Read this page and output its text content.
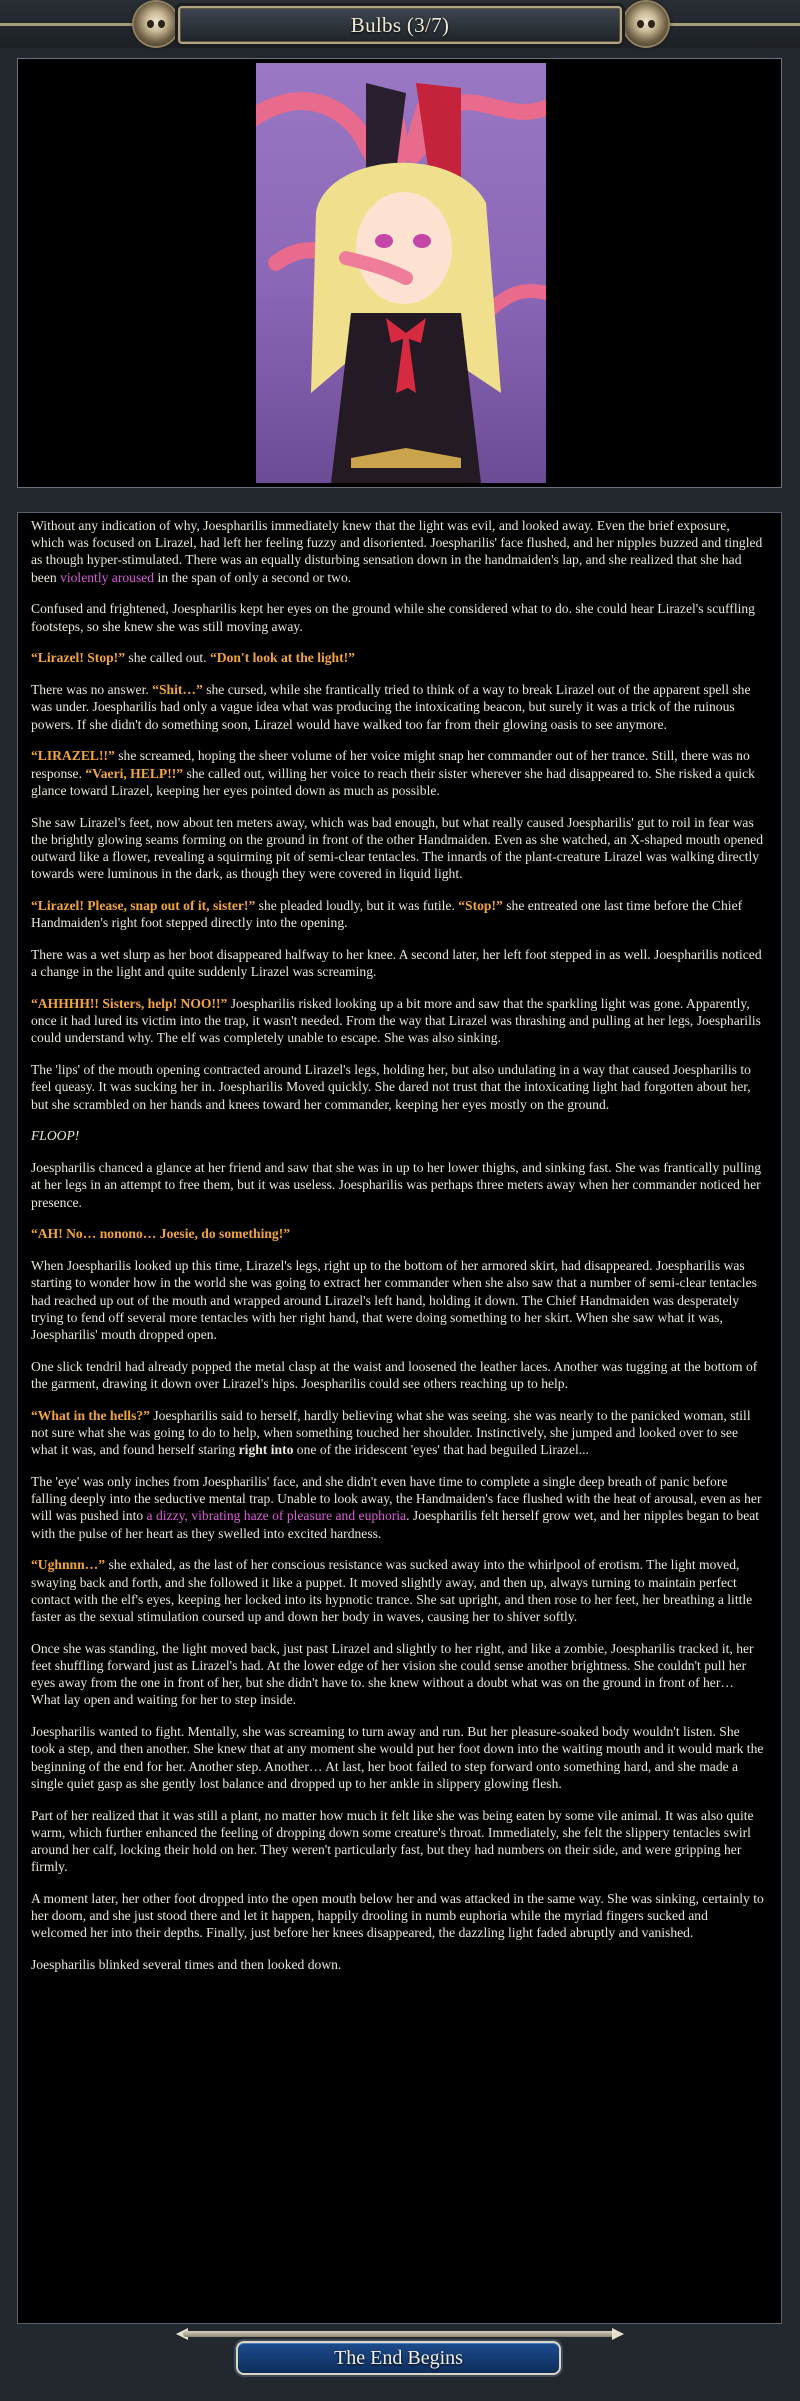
Bulbs (3/7)

Without any indication of why, Joespharilis immediately knew that the light was evil, and looked away. Even the brief exposure, which was focused on Lirazel, had left her feeling fuzzy and disoriented. Joespharilis' face flushed, and her nipples buzzed and tingled as though hyper-stimulated. There was an equally disturbing sensation down in the handmaiden's lap, and she realized that she had been violently aroused in the span of only a second or two.

Confused and frightened, Joespharilis kept her eyes on the ground while she considered what to do. she could hear Lirazel's scuffling footsteps, so she knew she was still moving away.

“Lirazel! Stop!” she called out. “Don't look at the light!”

There was no answer. “Shit…” she cursed, while she frantically tried to think of a way to break Lirazel out of the apparent spell she was under. Joespharilis had only a vague idea what was producing the intoxicating beacon, but surely it was a trick of the ruinous powers. If she didn't do something soon, Lirazel would have walked too far from their glowing oasis to see anymore.

“LIRAZEL!!” she screamed, hoping the sheer volume of her voice might snap her commander out of her trance. Still, there was no response. “Vaeri, HELP!!” she called out, willing her voice to reach their sister wherever she had disappeared to. She risked a quick glance toward Lirazel, keeping her eyes pointed down as much as possible.

She saw Lirazel's feet, now about ten meters away, which was bad enough, but what really caused Joespharilis' gut to roil in fear was the brightly glowing seams forming on the ground in front of the other Handmaiden. Even as she watched, an X-shaped mouth opened outward like a flower, revealing a squirming pit of semi-clear tentacles. The innards of the plant-creature Lirazel was walking directly towards were luminous in the dark, as though they were covered in liquid light.

“Lirazel! Please, snap out of it, sister!” she pleaded loudly, but it was futile. “Stop!” she entreated one last time before the Chief Handmaiden's right foot stepped directly into the opening.

There was a wet slurp as her boot disappeared halfway to her knee. A second later, her left foot stepped in as well. Joespharilis noticed a change in the light and quite suddenly Lirazel was screaming.

“AHHHH!! Sisters, help! NOO!!” Joespharilis risked looking up a bit more and saw that the sparkling light was gone. Apparently, once it had lured its victim into the trap, it wasn't needed. From the way that Lirazel was thrashing and pulling at her legs, Joespharilis could understand why. The elf was completely unable to escape. She was also sinking.

The 'lips' of the mouth opening contracted around Lirazel's legs, holding her, but also undulating in a way that caused Joespharilis to feel queasy. It was sucking her in. Joespharilis Moved quickly. She dared not trust that the intoxicating light had forgotten about her, but she scrambled on her hands and knees toward her commander, keeping her eyes mostly on the ground.

FLOOP!

Joespharilis chanced a glance at her friend and saw that she was in up to her lower thighs, and sinking fast. She was frantically pulling at her legs in an attempt to free them, but it was useless. Joespharilis was perhaps three meters away when her commander noticed her presence.

“AH! No… nonono… Joesie, do something!”

When Joespharilis looked up this time, Lirazel's legs, right up to the bottom of her armored skirt, had disappeared. Joespharilis was starting to wonder how in the world she was going to extract her commander when she also saw that a number of semi-clear tentacles had reached up out of the mouth and wrapped around Lirazel's left hand, holding it down. The Chief Handmaiden was desperately trying to fend off several more tentacles with her right hand, that were doing something to her skirt. When she saw what it was, Joespharilis' mouth dropped open.

One slick tendril had already popped the metal clasp at the waist and loosened the leather laces. Another was tugging at the bottom of the garment, drawing it down over Lirazel's hips. Joespharilis could see others reaching up to help.

“What in the hells?” Joespharilis said to herself, hardly believing what she was seeing. she was nearly to the panicked woman, still not sure what she was going to do to help, when something touched her shoulder. Instinctively, she jumped and looked over to see what it was, and found herself staring right into one of the iridescent 'eyes' that had beguiled Lirazel...

The 'eye' was only inches from Joespharilis' face, and she didn't even have time to complete a single deep breath of panic before falling deeply into the seductive mental trap. Unable to look away, the Handmaiden's face flushed with the heat of arousal, even as her will was pushed into a dizzy, vibrating haze of pleasure and euphoria. Joespharilis felt herself grow wet, and her nipples began to beat with the pulse of her heart as they swelled into excited hardness.

“Ughnnn…” she exhaled, as the last of her conscious resistance was sucked away into the whirlpool of erotism. The light moved, swaying back and forth, and she followed it like a puppet. It moved slightly away, and then up, always turning to maintain perfect contact with the elf's eyes, keeping her locked into its hypnotic trance. She sat upright, and then rose to her feet, her breathing a little faster as the sexual stimulation coursed up and down her body in waves, causing her to shiver softly.

Once she was standing, the light moved back, just past Lirazel and slightly to her right, and like a zombie, Joespharilis tracked it, her feet shuffling forward just as Lirazel's had. At the lower edge of her vision she could sense another brightness. She couldn't pull her eyes away from the one in front of her, but she didn't have to. she knew without a doubt what was on the ground in front of her… What lay open and waiting for her to step inside.

Joespharilis wanted to fight. Mentally, she was screaming to turn away and run. But her pleasure-soaked body wouldn't listen. She took a step, and then another. She knew that at any moment she would put her foot down into the waiting mouth and it would mark the beginning of the end for her. Another step. Another… At last, her boot failed to step forward onto something hard, and she made a single quiet gasp as she gently lost balance and dropped up to her ankle in slippery glowing flesh.

Part of her realized that it was still a plant, no matter how much it felt like she was being eaten by some vile animal. It was also quite warm, which further enhanced the feeling of dropping down some creature's throat. Immediately, she felt the slippery tentacles swirl around her calf, locking their hold on her. They weren't particularly fast, but they had numbers on their side, and were gripping her firmly.

A moment later, her other foot dropped into the open mouth below her and was attacked in the same way. She was sinking, certainly to her doom, and she just stood there and let it happen, happily drooling in numb euphoria while the myriad fingers sucked and welcomed her into their depths. Finally, just before her knees disappeared, the dazzling light faded abruptly and vanished.

Joespharilis blinked several times and then looked down.

The End Begins
